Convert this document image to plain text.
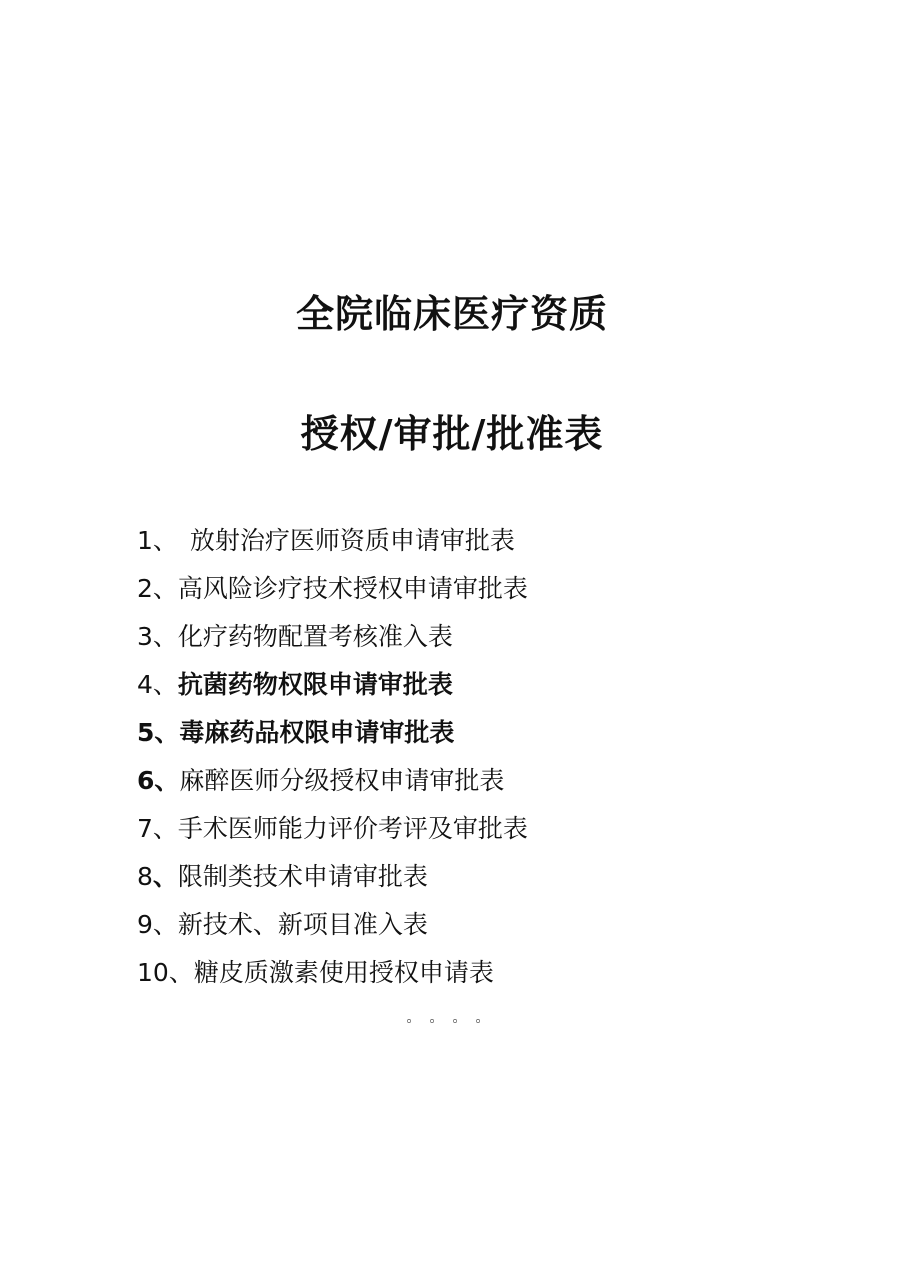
全院临床医疗资质
授权/审批/批准表
1、 放射治疗医师资质申请审批表
2、高风险诊疗技术授权申请审批表
3、化疗药物配置考核准入表
4、抗菌药物权限申请审批表
5、毒麻药品权限申请审批表
6、麻醉医师分级授权申请审批表
7、手术医师能力评价考评及审批表
8、限制类技术申请审批表
9、新技术、新项目准入表
10、糖皮质激素使用授权申请表
。。。。
